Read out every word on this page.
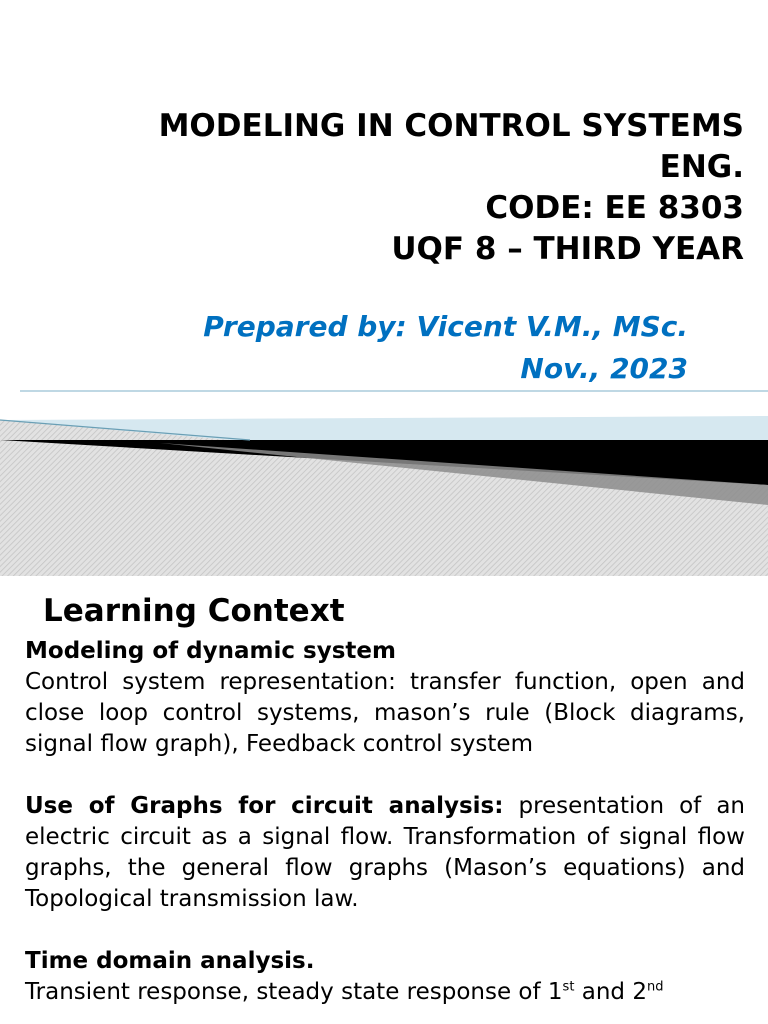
MODELING IN CONTROL SYSTEMS
ENG.
CODE: EE 8303
UQF 8 – THIRD YEAR
Prepared by: Vicent V.M., MSc.
Nov., 2023
Learning Context

Modeling of dynamic system

Control system representation: transfer function, open and close loop control systems, mason’s rule (Block diagrams, signal flow graph), Feedback control system

Use of Graphs for circuit analysis: presentation of an electric circuit as a signal flow. Transformation of signal flow graphs, the general flow graphs (Mason’s equations) and Topological transmission law.

Time domain analysis.

Transient response, steady state response of 1st and 2nd
